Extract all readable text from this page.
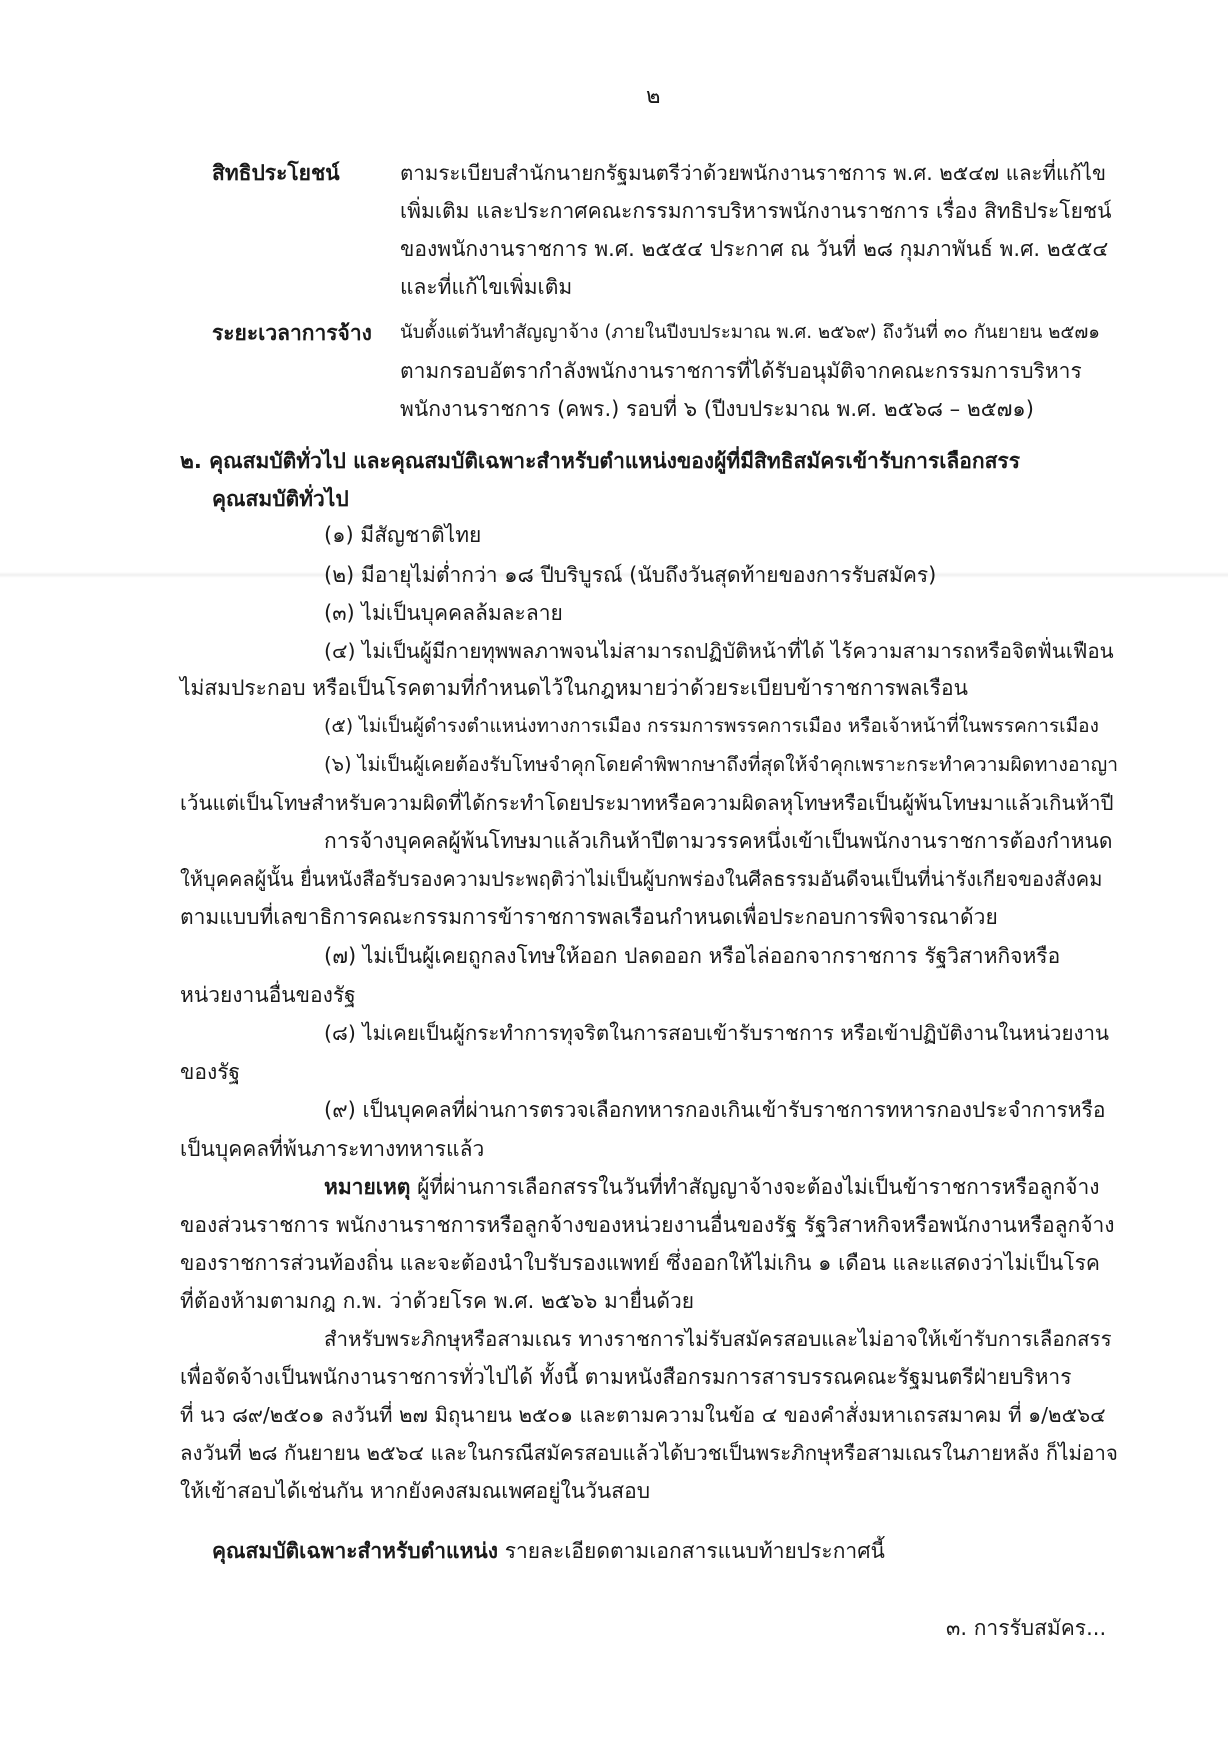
๒
สิทธิประโยชน์	ตามระเบียบสำนักนายกรัฐมนตรีว่าด้วยพนักงานราชการ พ.ศ. ๒๕๔๗ และที่แก้ไข
เพิ่มเติม และประกาศคณะกรรมการบริหารพนักงานราชการ เรื่อง สิทธิประโยชน์
ของพนักงานราชการ พ.ศ. ๒๕๕๔ ประกาศ ณ วันที่ ๒๘ กุมภาพันธ์ พ.ศ. ๒๕๕๔
และที่แก้ไขเพิ่มเติม
ระยะเวลาการจ้าง นับตั้งแต่วันทำสัญญาจ้าง (ภายในปีงบประมาณ พ.ศ. ๒๕๖๙) ถึงวันที่ ๓๐ กันยายน ๒๕๗๑
ตามกรอบอัตรากำลังพนักงานราชการที่ได้รับอนุมัติจากคณะกรรมการบริหาร
พนักงานราชการ (คพร.) รอบที่ ๖ (ปีงบประมาณ พ.ศ. ๒๕๖๘ – ๒๕๗๑)
๒. คุณสมบัติทั่วไป และคุณสมบัติเฉพาะสำหรับตำแหน่งของผู้ที่มีสิทธิสมัครเข้ารับการเลือกสรร
คุณสมบัติทั่วไป
(๑) มีสัญชาติไทย
(๒) มีอายุไม่ต่ำกว่า ๑๘ ปีบริบูรณ์ (นับถึงวันสุดท้ายของการรับสมัคร)
(๓) ไม่เป็นบุคคลล้มละลาย
(๔) ไม่เป็นผู้มีกายทุพพลภาพจนไม่สามารถปฏิบัติหน้าที่ได้ ไร้ความสามารถหรือจิตฟั่นเฟือน
ไม่สมประกอบ หรือเป็นโรคตามที่กำหนดไว้ในกฎหมายว่าด้วยระเบียบข้าราชการพลเรือน
(๕) ไม่เป็นผู้ดำรงตำแหน่งทางการเมือง กรรมการพรรคการเมือง หรือเจ้าหน้าที่ในพรรคการเมือง
(๖) ไม่เป็นผู้เคยต้องรับโทษจำคุกโดยคำพิพากษาถึงที่สุดให้จำคุกเพราะกระทำความผิดทางอาญา
เว้นแต่เป็นโทษสำหรับความผิดที่ได้กระทำโดยประมาทหรือความผิดลหุโทษหรือเป็นผู้พ้นโทษมาแล้วเกินห้าปี
การจ้างบุคคลผู้พ้นโทษมาแล้วเกินห้าปีตามวรรคหนึ่งเข้าเป็นพนักงานราชการต้องกำหนด
ให้บุคคลผู้นั้น ยื่นหนังสือรับรองความประพฤติว่าไม่เป็นผู้บกพร่องในศีลธรรมอันดีจนเป็นที่น่ารังเกียจของสังคม
ตามแบบที่เลขาธิการคณะกรรมการข้าราชการพลเรือนกำหนดเพื่อประกอบการพิจารณาด้วย
(๗) ไม่เป็นผู้เคยถูกลงโทษให้ออก ปลดออก หรือไล่ออกจากราชการ รัฐวิสาหกิจหรือ
หน่วยงานอื่นของรัฐ
(๘) ไม่เคยเป็นผู้กระทำการทุจริตในการสอบเข้ารับราชการ หรือเข้าปฏิบัติงานในหน่วยงาน
ของรัฐ
(๙) เป็นบุคคลที่ผ่านการตรวจเลือกทหารกองเกินเข้ารับราชการทหารกองประจำการหรือ
เป็นบุคคลที่พ้นภาระทางทหารแล้ว
หมายเหตุ ผู้ที่ผ่านการเลือกสรรในวันที่ทำสัญญาจ้างจะต้องไม่เป็นข้าราชการหรือลูกจ้าง
ของส่วนราชการ พนักงานราชการหรือลูกจ้างของหน่วยงานอื่นของรัฐ รัฐวิสาหกิจหรือพนักงานหรือลูกจ้าง
ของราชการส่วนท้องถิ่น และจะต้องนำใบรับรองแพทย์ ซึ่งออกให้ไม่เกิน ๑ เดือน และแสดงว่าไม่เป็นโรค
ที่ต้องห้ามตามกฎ ก.พ. ว่าด้วยโรค พ.ศ. ๒๕๖๖ มายื่นด้วย
สำหรับพระภิกษุหรือสามเณร ทางราชการไม่รับสมัครสอบและไม่อาจให้เข้ารับการเลือกสรร
เพื่อจัดจ้างเป็นพนักงานราชการทั่วไปได้ ทั้งนี้ ตามหนังสือกรมการสารบรรณคณะรัฐมนตรีฝ่ายบริหาร
ที่ นว ๘๙/๒๕๐๑ ลงวันที่ ๒๗ มิถุนายน ๒๕๐๑ และตามความในข้อ ๔ ของคำสั่งมหาเถรสมาคม ที่ ๑/๒๕๖๔
ลงวันที่ ๒๘ กันยายน ๒๕๖๔ และในกรณีสมัครสอบแล้วได้บวชเป็นพระภิกษุหรือสามเณรในภายหลัง ก็ไม่อาจ
ให้เข้าสอบได้เช่นกัน หากยังคงสมณเพศอยู่ในวันสอบ
คุณสมบัติเฉพาะสำหรับตำแหน่ง รายละเอียดตามเอกสารแนบท้ายประกาศนี้
๓. การรับสมัคร...
